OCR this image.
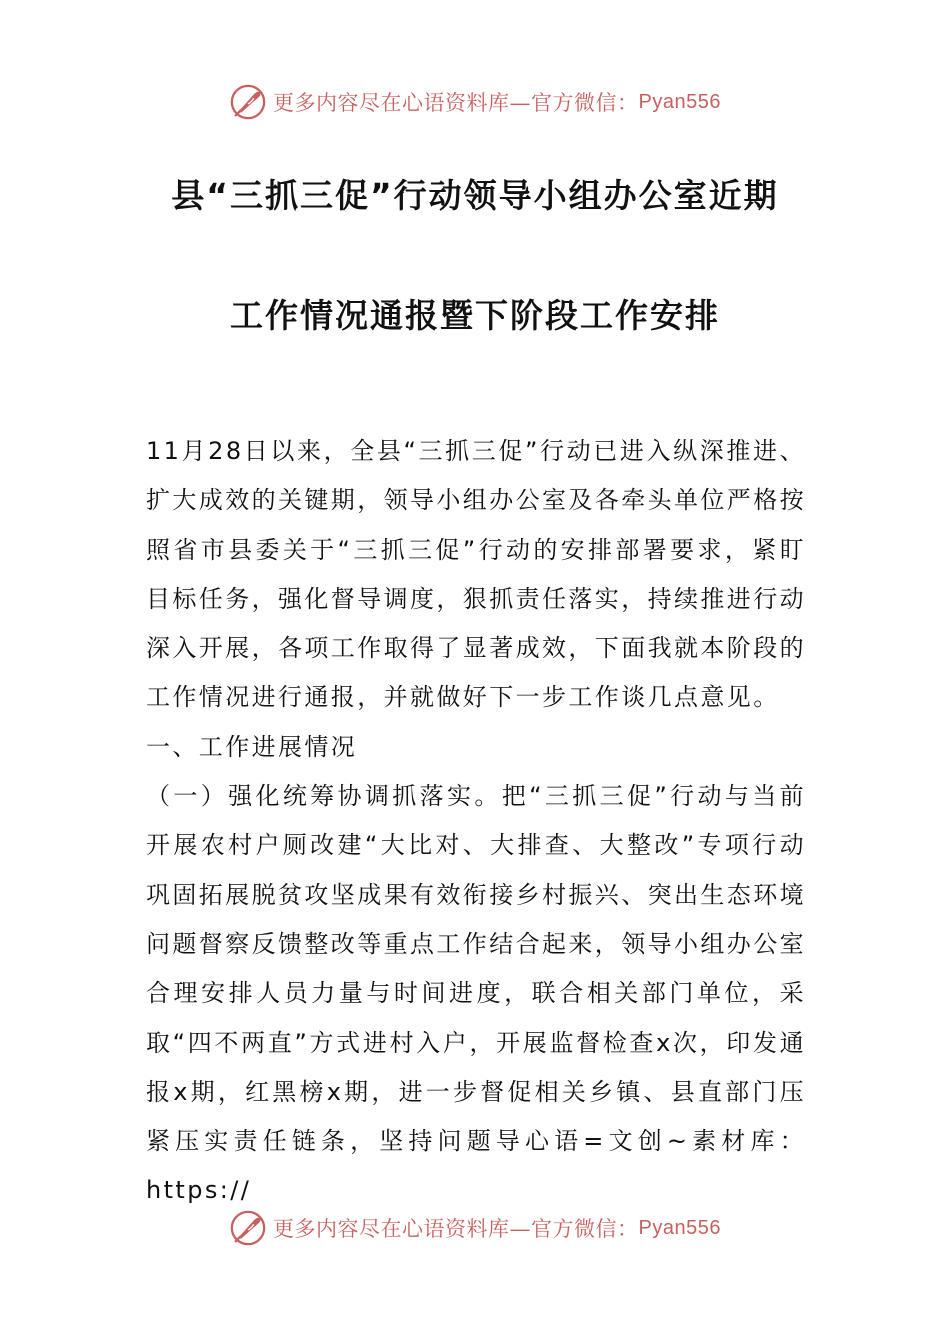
更多内容尽在心语资料库—官方微信： Pyan556
县“三抓三促”行动领导小组办公室近期
工作情况通报暨下阶段工作安排

11月28日以来，全县“三抓三促”行动已进入纵深推进、扩大成效的关键期，领导小组办公室及各牵头单位严格按照省市县委关于“三抓三促”行动的安排部署要求，紧盯目标任务，强化督导调度，狠抓责任落实，持续推进行动深入开展，各项工作取得了显著成效，下面我就本阶段的工作情况进行通报，并就做好下一步工作谈几点意见。

一、工作进展情况

（一）强化统筹协调抓落实。把“三抓三促”行动与当前开展农村户厕改建“大比对、大排查、大整改”专项行动巩固拓展脱贫攻坚成果有效衔接乡村振兴、突出生态环境问题督察反馈整改等重点工作结合起来，领导小组办公室合理安排人员力量与时间进度，联合相关部门单位，采取“四不两直”方式进村入户，开展监督检查x次，印发通报x期，红黑榜x期，进一步督促相关乡镇、县直部门压紧压实责任链条，坚持问题导心语=文创~素材库：https://

更多内容尽在心语资料库—官方微信： Pyan556
